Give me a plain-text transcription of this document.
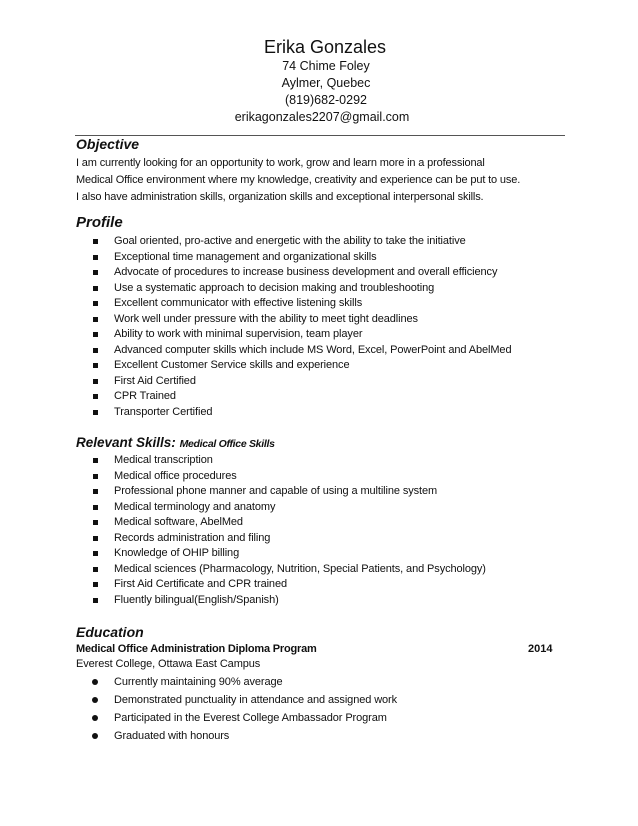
Erika Gonzales
74 Chime Foley
Aylmer, Quebec
(819)682-0292
erikagonzales2207@gmail.com
Objective
I am currently looking for an opportunity to work, grow and learn more in a professional
Medical Office environment where my knowledge, creativity and experience can be put to use.
I also have administration skills, organization skills and exceptional interpersonal skills.
Profile
Goal oriented, pro-active and energetic with the ability to take the initiative
Exceptional time management and organizational skills
Advocate of procedures to increase business development and overall efficiency
Use a systematic approach to decision making and troubleshooting
Excellent communicator with effective listening skills
Work well under pressure with the ability to meet tight deadlines
Ability to work with minimal supervision, team player
Advanced computer skills which include MS Word, Excel, PowerPoint and AbelMed
Excellent Customer Service skills and experience
First Aid Certified
CPR Trained
Transporter Certified
Relevant Skills: Medical Office Skills
Medical transcription
Medical office procedures
Professional phone manner and capable of using a multiline system
Medical terminology and anatomy
Medical software, AbelMed
Records administration and filing
Knowledge of OHIP billing
Medical sciences (Pharmacology, Nutrition, Special Patients, and Psychology)
First Aid Certificate and CPR trained
Fluently bilingual(English/Spanish)
Education
Medical Office Administration Diploma Program	2014
Everest College, Ottawa East Campus
Currently maintaining 90% average
Demonstrated punctuality in attendance and assigned work
Participated in the Everest College Ambassador Program
Graduated with honours
